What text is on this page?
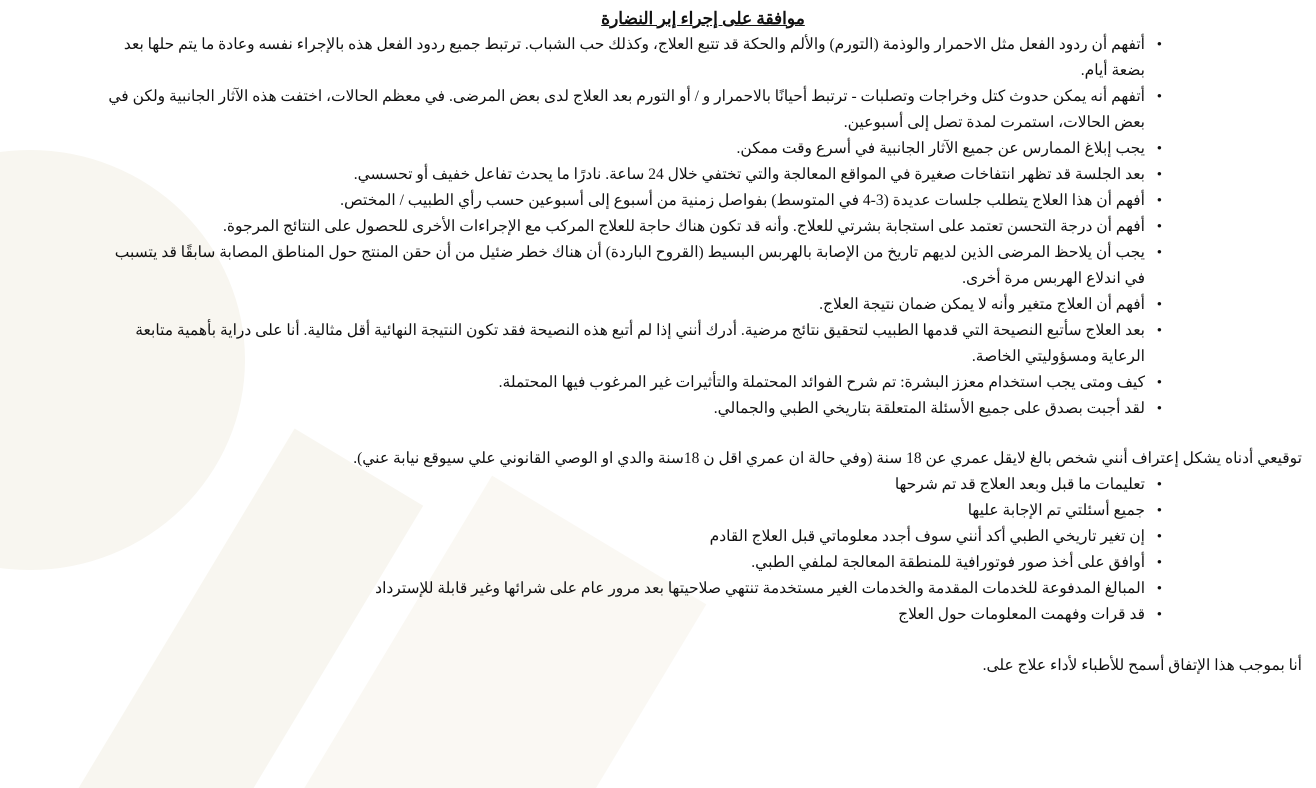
موافقة على إجراء إبر النضارة
• أتفهم أن ردود الفعل مثل الاحمرار والوذمة (التورم) والألم والحكة قد تتبع العلاج، وكذلك حب الشباب. ترتبط جميع ردود الفعل هذه بالإجراء نفسه وعادة ما يتم حلها بعد بضعة أيام.
• أتفهم أنه يمكن حدوث كتل وخراجات وتصلبات - ترتبط أحيانًا بالاحمرار و / أو التورم بعد العلاج لدى بعض المرضى. في معظم الحالات، اختفت هذه الآثار الجانبية ولكن في بعض الحالات، استمرت لمدة تصل إلى أسبوعين.
• يجب إبلاغ الممارس عن جميع الآثار الجانبية في أسرع وقت ممكن.
• بعد الجلسة قد تظهر انتفاخات صغيرة في المواقع المعالجة والتي تختفي خلال 24 ساعة. نادرًا ما يحدث تفاعل خفيف أو تحسسي.
• أفهم أن هذا العلاج يتطلب جلسات عديدة (3-4 في المتوسط) بفواصل زمنية من أسبوع إلى أسبوعين حسب رأي الطبيب / المختص.
• أفهم أن درجة التحسن تعتمد على استجابة بشرتي للعلاج. وأنه قد تكون هناك حاجة للعلاج المركب مع الإجراءات الأخرى للحصول على النتائج المرجوة.
• يجب أن يلاحظ المرضى الذين لديهم تاريخ من الإصابة بالهربس البسيط (القروح الباردة) أن هناك خطر ضئيل من أن حقن المنتج حول المناطق المصابة سابقًا قد يتسبب في اندلاع الهربس مرة أخرى.
• أفهم أن العلاج متغير وأنه لا يمكن ضمان نتيجة العلاج.
• بعد العلاج سأتبع النصيحة التي قدمها الطبيب لتحقيق نتائج مرضية. أدرك أنني إذا لم أتبع هذه النصيحة فقد تكون النتيجة النهائية أقل مثالية. أنا على دراية بأهمية متابعة الرعاية ومسؤوليتي الخاصة.
• كيف ومتى يجب استخدام معزز البشرة: تم شرح الفوائد المحتملة والتأثيرات غير المرغوب فيها المحتملة.
• لقد أجبت بصدق على جميع الأسئلة المتعلقة بتاريخي الطبي والجمالي.

توقيعي أدناه يشكل إعتراف أنني شخص بالغ لايقل عمري عن 18 سنة (وفي حالة ان عمري اقل ن 18سنة والدي او الوصي القانوني علي سيوقع نيابة عني).

• تعليمات ما قبل وبعد العلاج قد تم شرحها
• جميع أسئلتي تم الإجابة عليها
• إن تغير تاريخي الطبي أكد أنني سوف أجدد معلوماتي قبل العلاج القادم
• أوافق على أخذ صور فوتورافية للمنطقة المعالجة لملفي الطبي.
• المبالغ المدفوعة للخدمات المقدمة والخدمات الغير مستخدمة تنتهي صلاحيتها بعد مرور عام على شرائها وغير قابلة للإسترداد
• قد قرات وفهمت المعلومات حول العلاج

أنا بموجب هذا الإتفاق أسمح للأطباء لأداء علاج على.
